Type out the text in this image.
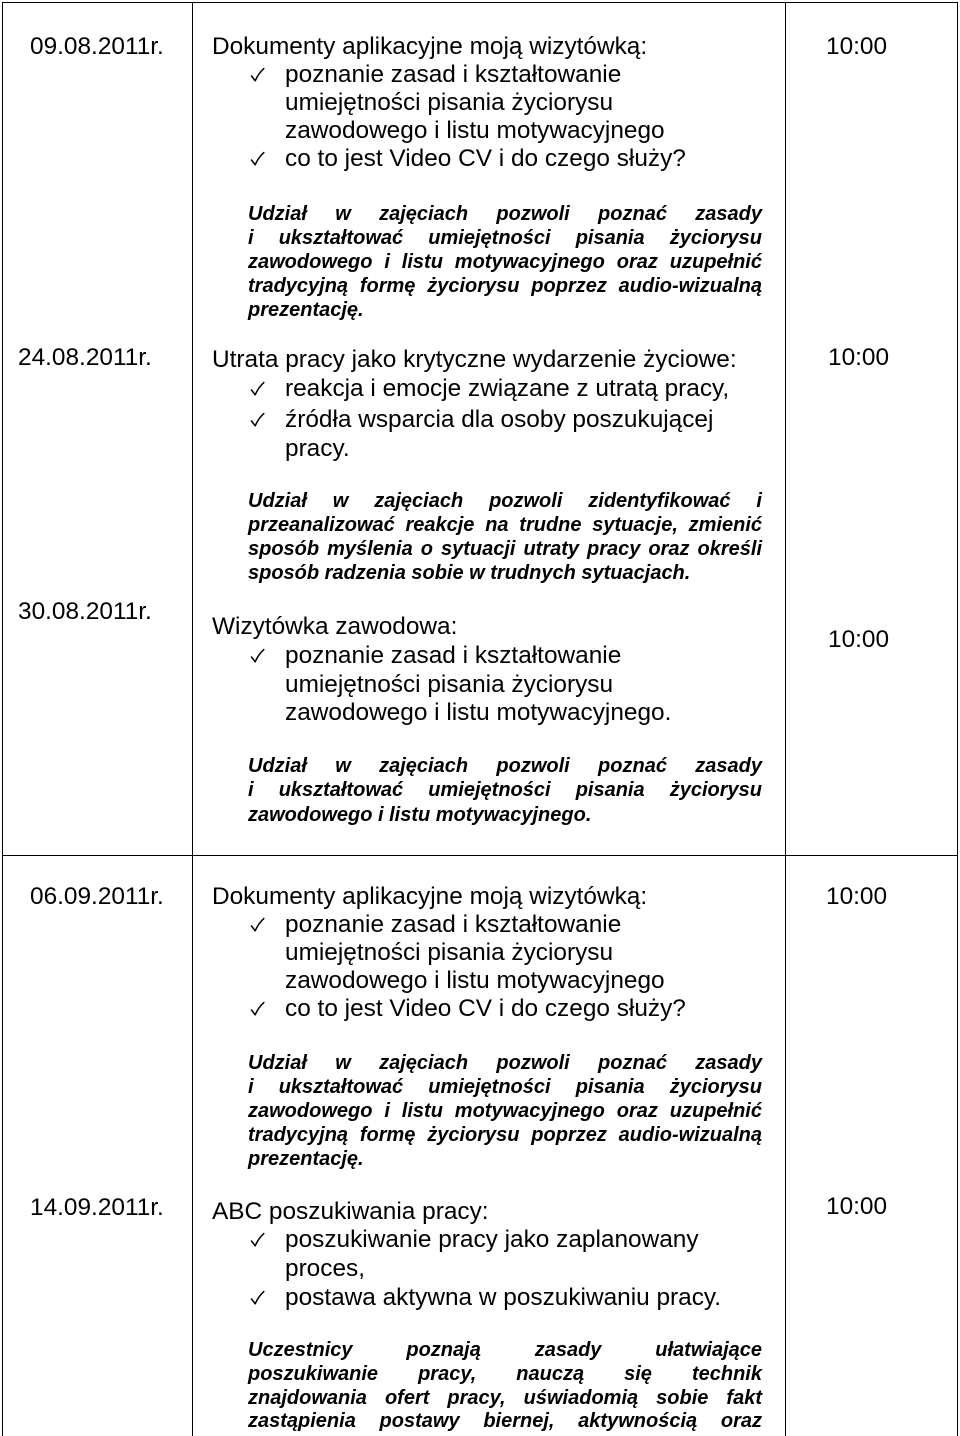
09.08.2011r. Dokumenty aplikacyjne moją wizytówką:	10:00
poznanie zasad i kształtowanie
umiejętności pisania życiorysu
zawodowego i listu motywacyjnego
co to jest Video CV i do czego służy?
Udział w zajęciach pozwoli poznać zasady
i ukształtować umiejętności pisania życiorysu
zawodowego i listu motywacyjnego oraz uzupełnić
tradycyjną formę życiorysu poprzez audio-wizualną
prezentację.
24.08.2011r. Utrata pracy jako krytyczne wydarzenie życiowe:	10:00
reakcja i emocje związane z utratą pracy,
źródła wsparcia dla osoby poszukującej
pracy.
Udział w zajęciach pozwoli zidentyfikować i
przeanalizować reakcje na trudne sytuacje, zmienić
sposób myślenia o sytuacji utraty pracy oraz określi
sposób radzenia sobie w trudnych sytuacjach.
30.08.2011r.
Wizytówka zawodowa:	10:00
poznanie zasad i kształtowanie
umiejętności pisania życiorysu
zawodowego i listu motywacyjnego.
Udział w zajęciach pozwoli poznać zasady
i ukształtować umiejętności pisania życiorysu
zawodowego i listu motywacyjnego.
06.09.2011r. Dokumenty aplikacyjne moją wizytówką:	10:00
poznanie zasad i kształtowanie
umiejętności pisania życiorysu
zawodowego i listu motywacyjnego
co to jest Video CV i do czego służy?
Udział w zajęciach pozwoli poznać zasady
i ukształtować umiejętności pisania życiorysu
zawodowego i listu motywacyjnego oraz uzupełnić
tradycyjną formę życiorysu poprzez audio-wizualną
prezentację.
14.09.2011r. ABC poszukiwania pracy:	10:00
poszukiwanie pracy jako zaplanowany
proces,
postawa aktywna w poszukiwaniu pracy.
Uczestnicy poznają zasady ułatwiające
poszukiwanie pracy, nauczą się technik
znajdowania ofert pracy, uświadomią sobie fakt
zastąpienia postawy biernej, aktywnością oraz
